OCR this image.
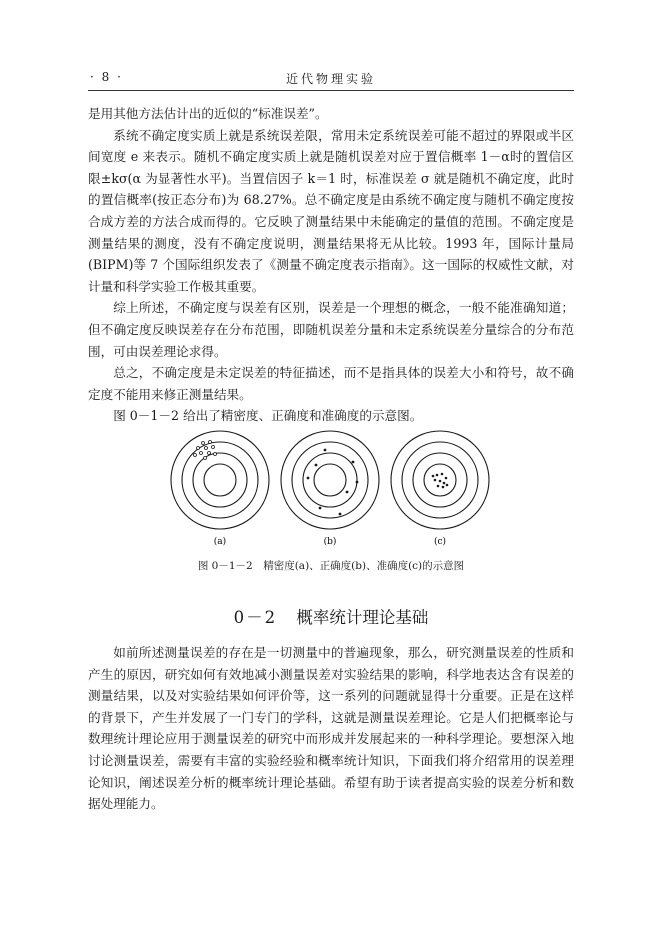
· 8 ·	近代物理实验

是用其他方法估计出的近似的“标准误差”。

系统不确定度实质上就是系统误差限，常用未定系统误差可能不超过的界限或半区间宽度 e 来表示。随机不确定度实质上就是随机误差对应于置信概率 1－α时的置信区限±kσ(α 为显著性水平)。当置信因子 k＝1 时，标准误差 σ 就是随机不确定度，此时的置信概率(按正态分布)为 68.27%。总不确定度是由系统不确定度与随机不确定度按合成方差的方法合成而得的。它反映了测量结果中未能确定的量值的范围。不确定度是测量结果的测度，没有不确定度说明，测量结果将无从比较。1993 年，国际计量局(BIPM)等 7 个国际组织发表了《测量不确定度表示指南》。这一国际的权威性文献，对计量和科学实验工作极其重要。

综上所述，不确定度与误差有区别，误差是一个理想的概念，一般不能准确知道；但不确定度反映误差存在分布范围，即随机误差分量和未定系统误差分量综合的分布范围，可由误差理论求得。

总之，不确定度是未定误差的特征描述，而不是指具体的误差大小和符号，故不确定度不能用来修正测量结果。

图 0－1－2 给出了精密度、正确度和准确度的示意图。

(a)	(b)	(c)
图 0－1－2　精密度(a)、正确度(b)、准确度(c)的示意图
0－2 概率统计理论基础

如前所述测量误差的存在是一切测量中的普遍现象，那么，研究测量误差的性质和产生的原因，研究如何有效地减小测量误差对实验结果的影响，科学地表达含有误差的测量结果，以及对实验结果如何评价等，这一系列的问题就显得十分重要。正是在这样的背景下，产生并发展了一门专门的学科，这就是测量误差理论。它是人们把概率论与数理统计理论应用于测量误差的研究中而形成并发展起来的一种科学理论。要想深入地讨论测量误差，需要有丰富的实验经验和概率统计知识，下面我们将介绍常用的误差理论知识，阐述误差分析的概率统计理论基础。希望有助于读者提高实验的误差分析和数据处理能力。
